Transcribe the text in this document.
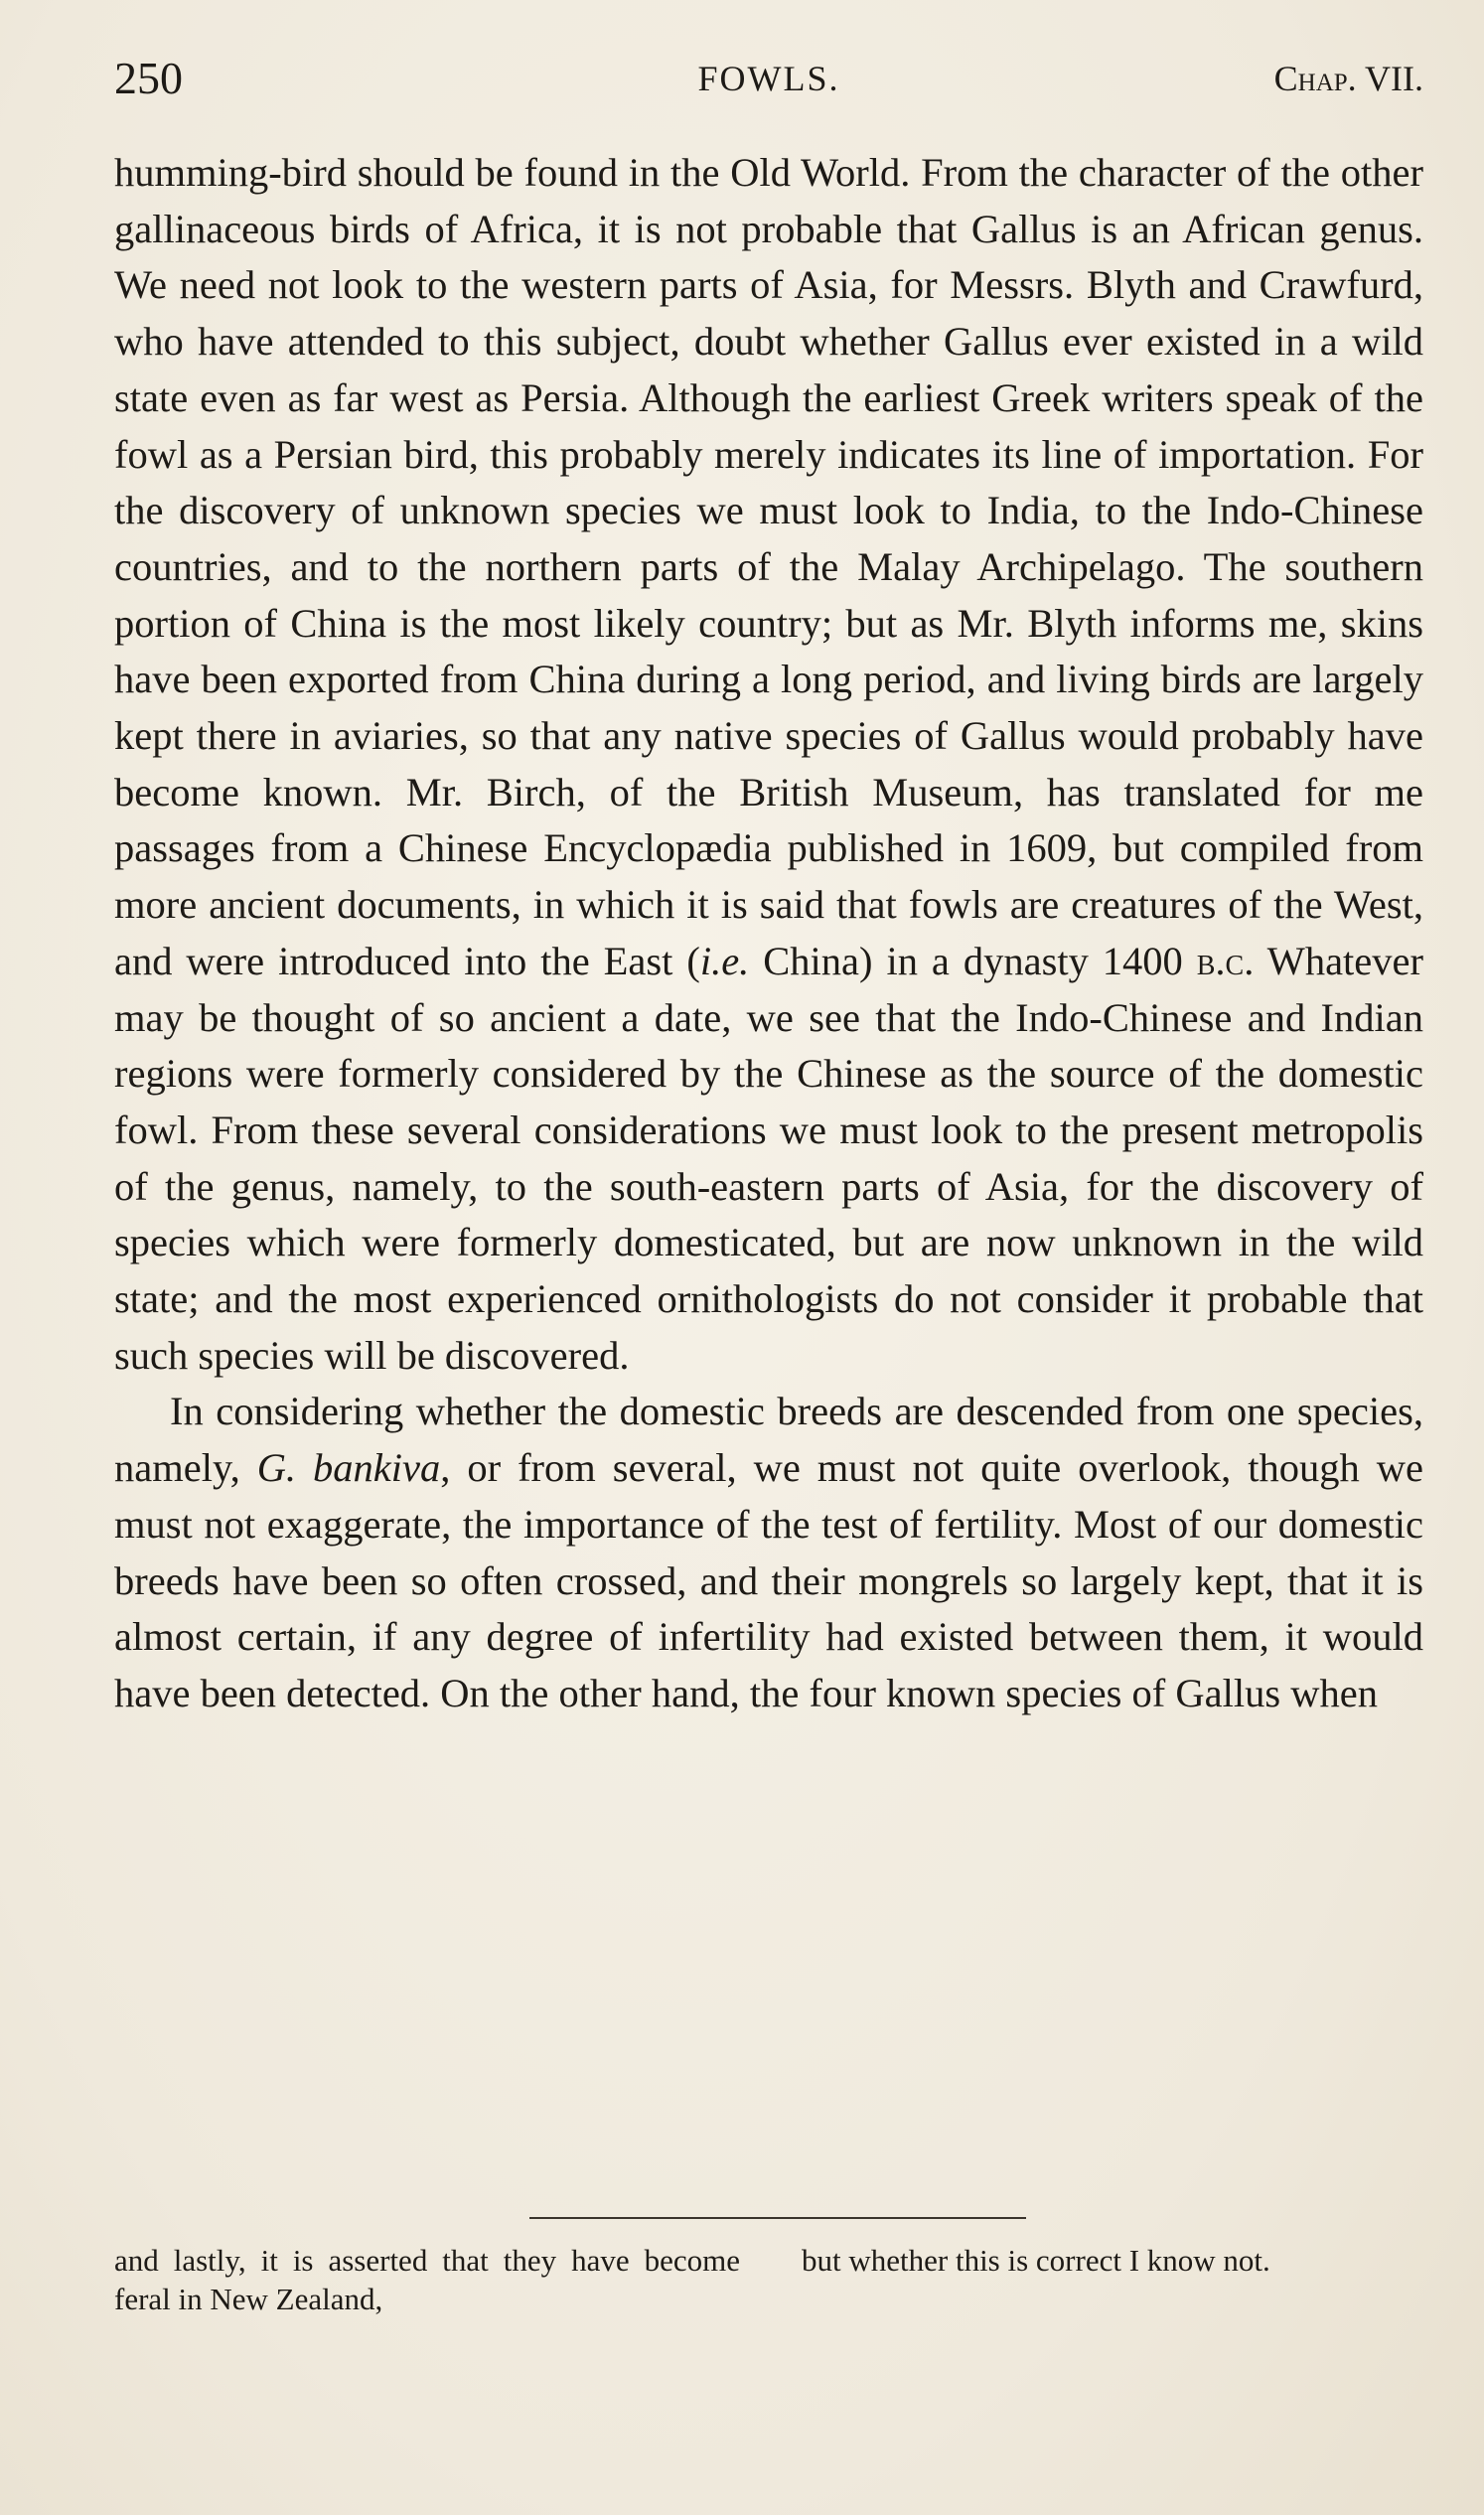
250	FOWLS.	Chap. VII.

humming-bird should be found in the Old World. From the character of the other gallinaceous birds of Africa, it is not probable that Gallus is an African genus. We need not look to the western parts of Asia, for Messrs. Blyth and Crawfurd, who have attended to this subject, doubt whether Gallus ever existed in a wild state even as far west as Persia. Although the earliest Greek writers speak of the fowl as a Persian bird, this probably merely indicates its line of importation. For the discovery of unknown species we must look to India, to the Indo-Chinese countries, and to the northern parts of the Malay Archipelago. The southern portion of China is the most likely country; but as Mr. Blyth informs me, skins have been exported from China during a long period, and living birds are largely kept there in aviaries, so that any native species of Gallus would probably have become known. Mr. Birch, of the British Museum, has translated for me passages from a Chinese Encyclopædia published in 1609, but compiled from more ancient documents, in which it is said that fowls are creatures of the West, and were introduced into the East (i.e. China) in a dynasty 1400 b.c. Whatever may be thought of so ancient a date, we see that the Indo-Chinese and Indian regions were formerly considered by the Chinese as the source of the domestic fowl. From these several considerations we must look to the present metropolis of the genus, namely, to the south-eastern parts of Asia, for the discovery of species which were formerly domesticated, but are now unknown in the wild state; and the most experienced ornithologists do not consider it probable that such species will be discovered.

In considering whether the domestic breeds are descended from one species, namely, G. bankiva, or from several, we must not quite overlook, though we must not exaggerate, the importance of the test of fertility. Most of our domestic breeds have been so often crossed, and their mongrels so largely kept, that it is almost certain, if any degree of infertility had existed between them, it would have been detected. On the other hand, the four known species of Gallus when

and lastly, it is asserted that they have become feral in New Zealand,
but whether this is correct I know not.
